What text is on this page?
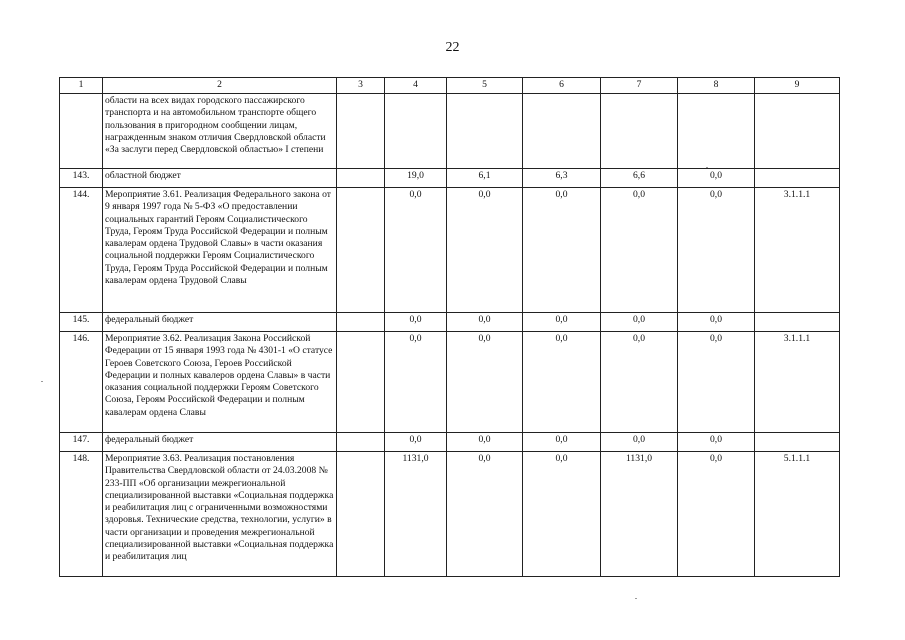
22
1	2	3	4	5	6	7	8	9
	области на всех видах городского пассажирского транспорта и на автомобильном транспорте общего пользования в пригородном сообщении лицам, награжденным знаком отличия Свердловской области «За заслуги перед Свердловской областью» I степени							
143.	областной бюджет		19,0	6,1	6,3	6,6	0,0	
144.	Мероприятие 3.61. Реализация Федерального закона от 9 января 1997 года № 5-ФЗ «О предоставлении социальных гарантий Героям Социалистического Труда, Героям Труда Российской Федерации и полным кавалерам ордена Трудовой Славы» в части оказания социальной поддержки Героям Социалистического Труда, Героям Труда Российской Федерации и полным кавалерам ордена Трудовой Славы		0,0	0,0	0,0	0,0	0,0	3.1.1.1
145.	федеральный бюджет		0,0	0,0	0,0	0,0	0,0	
146.	Мероприятие 3.62. Реализация Закона Российской Федерации от 15 января 1993 года № 4301-1 «О статусе Героев Советского Союза, Героев Российской Федерации и полных кавалеров ордена Славы» в части оказания социальной поддержки Героям Советского Союза, Героям Российской Федерации и полным кавалерам ордена Славы		0,0	0,0	0,0	0,0	0,0	3.1.1.1
147.	федеральный бюджет		0,0	0,0	0,0	0,0	0,0	
148.	Мероприятие 3.63. Реализация постановления Правительства Свердловской области от 24.03.2008 № 233-ПП «Об организации межрегиональной специализированной выставки «Социальная поддержка и реабилитация лиц с ограниченными возможностями здоровья. Технические средства, технологии, услуги» в части организации и проведения межрегиональной специализированной выставки «Социальная поддержка и реабилитация лиц		1131,0	0,0	0,0	1131,0	0,0	5.1.1.1
